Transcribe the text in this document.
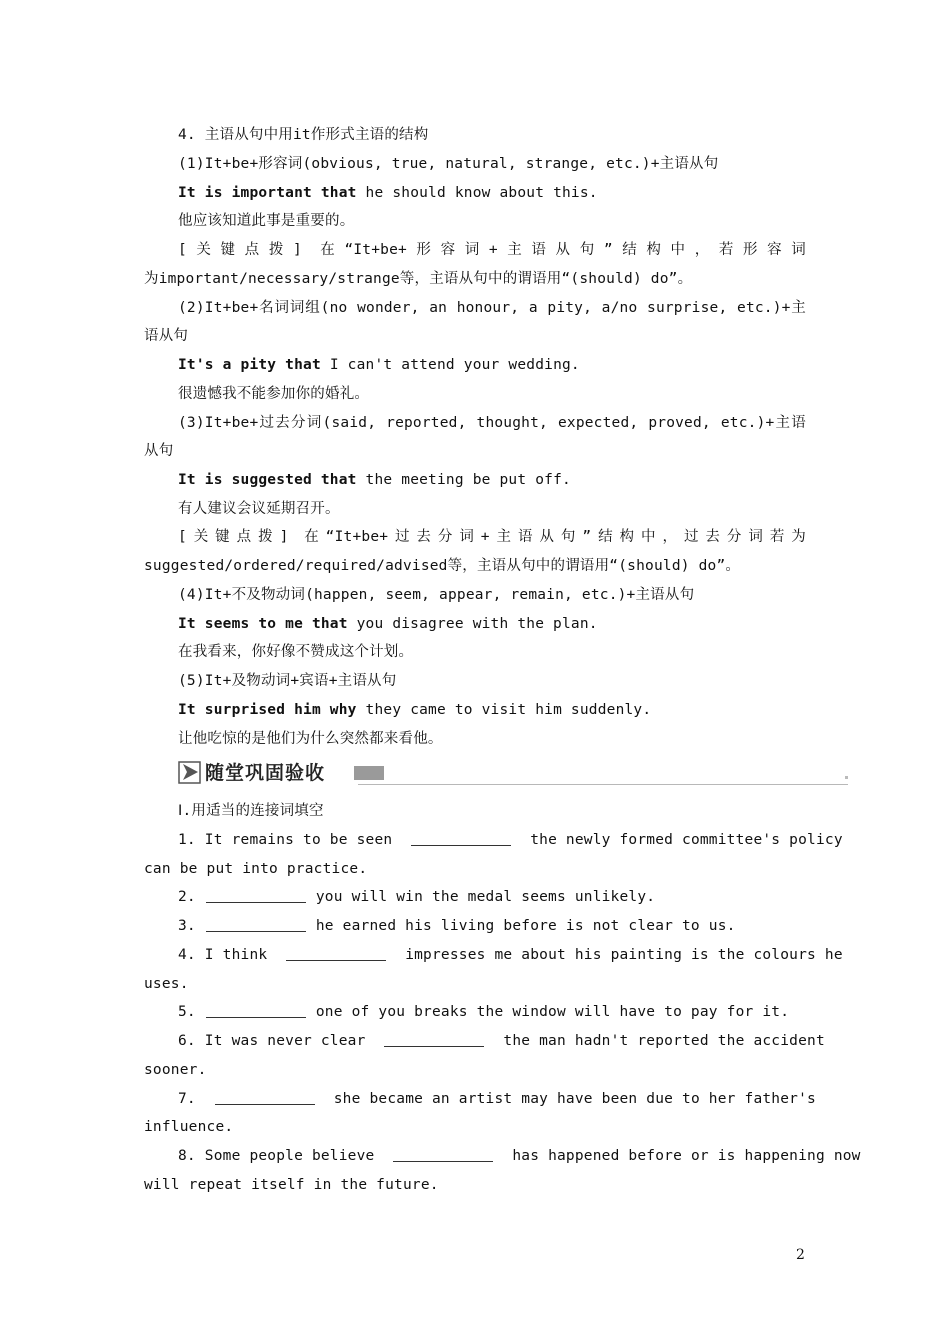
4. 主语从句中用it作形式主语的结构
(1)It+be+形容词(obvious, true, natural, strange, etc.)+主语从句
It is important that he should know about this.
他应该知道此事是重要的。
[关键点拨] 在“It+be+形容词+主语从句”结构中，若形容词
为important/necessary/strange等，主语从句中的谓语用“(should) do”。
(2)It+be+名词词组(no wonder, an honour, a pity, a/no surprise, etc.)+主
语从句
It's a pity that I can't attend your wedding.
很遗憾我不能参加你的婚礼。
(3)It+be+过去分词(said, reported, thought, expected, proved, etc.)+主语
从句
It is suggested that the meeting be put off.
有人建议会议延期召开。
[关键点拨] 在“It+be+过去分词+主语从句”结构中，过去分词若为
suggested/ordered/required/advised等，主语从句中的谓语用“(should) do”。
(4)It+不及物动词(happen, seem, appear, remain, etc.)+主语从句
It seems to me that you disagree with the plan.
在我看来，你好像不赞成这个计划。
(5)It+及物动词+宾语+主语从句
It surprised him why they came to visit him suddenly.
让他吃惊的是他们为什么突然都来看他。
随堂巩固验收
Ⅰ.用适当的连接词填空
1. It remains to be seen	the newly formed committee's policy
can be put into practice.
2.	you will win the medal seems unlikely.
3.	he earned his living before is not clear to us.
4. I think	impresses me about his painting is the colours he
uses.
5.	one of you breaks the window will have to pay for it.
6. It was never clear	the man hadn't reported the accident
sooner.
7.	she became an artist may have been due to her father's
influence.
8. Some people believe	has happened before or is happening now
will repeat itself in the future.
2
